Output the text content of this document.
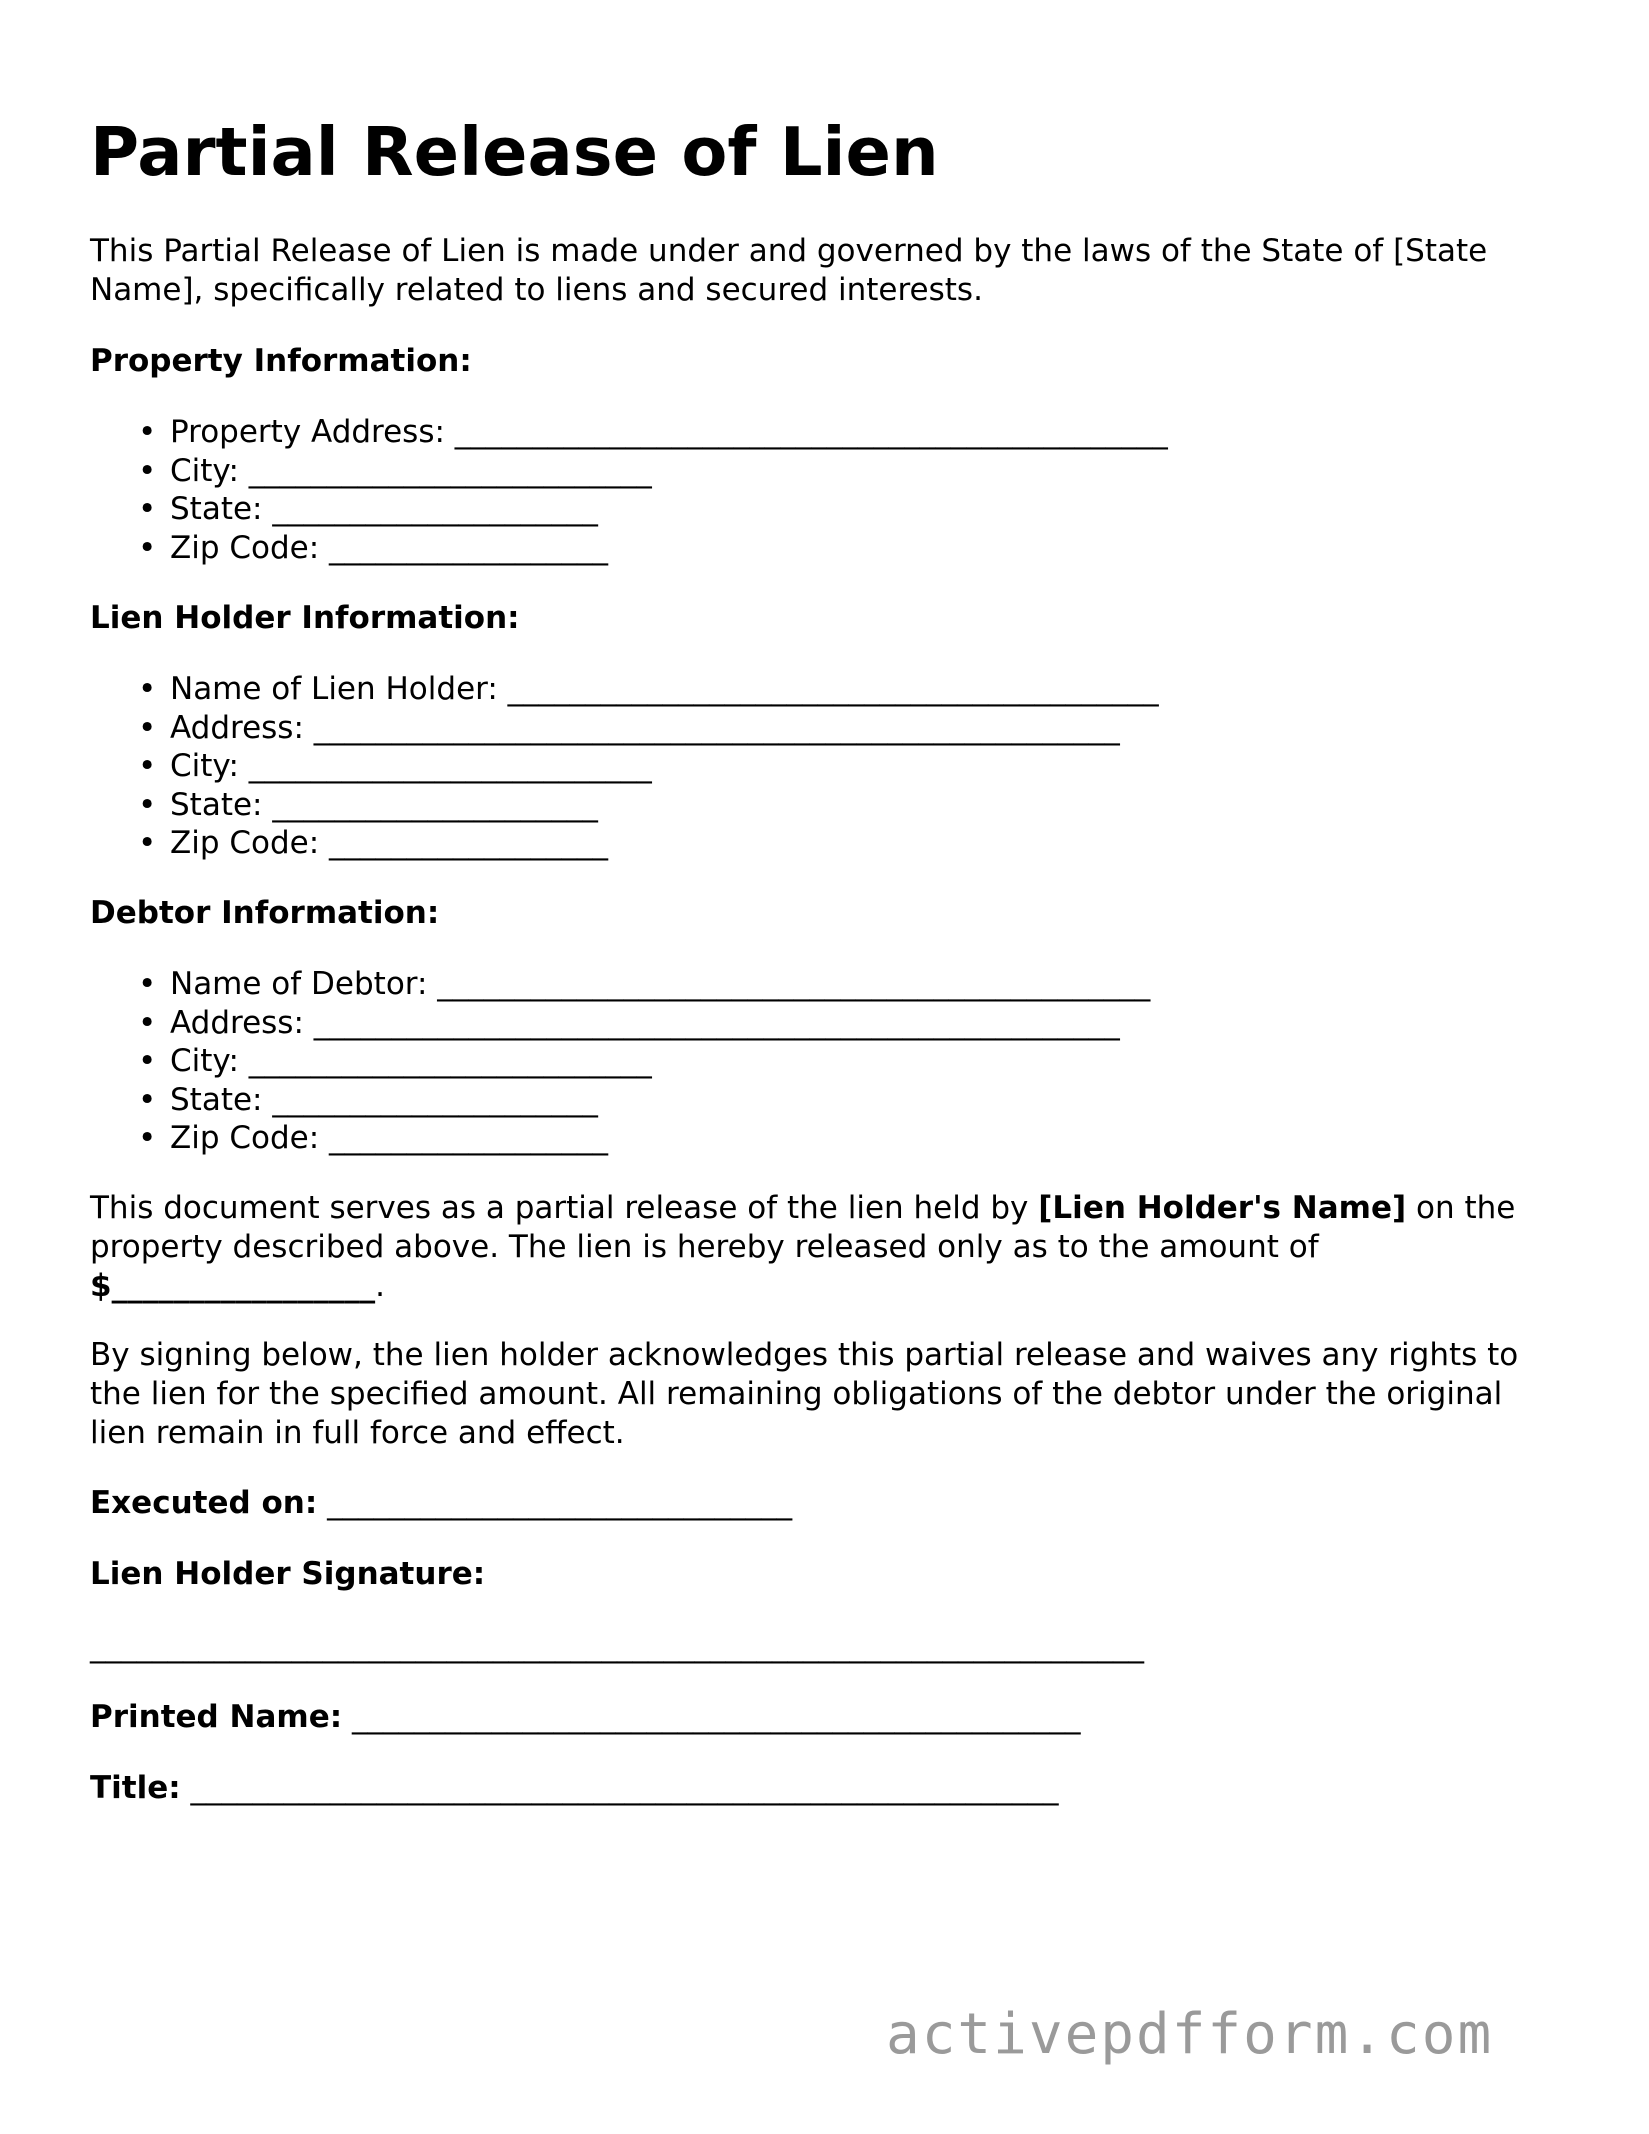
Partial Release of Lien

This Partial Release of Lien is made under and governed by the laws of the State of [State Name], specifically related to liens and secured interests.

Property Information:

• Property Address: ______________________________________________
• City: __________________________
• State: _____________________
• Zip Code: __________________

Lien Holder Information:

• Name of Lien Holder: __________________________________________
• Address: ____________________________________________________
• City: __________________________
• State: _____________________
• Zip Code: __________________

Debtor Information:

• Name of Debtor: ______________________________________________
• Address: ____________________________________________________
• City: __________________________
• State: _____________________
• Zip Code: __________________

This document serves as a partial release of the lien held by [Lien Holder's Name] on the property described above. The lien is hereby released only as to the amount of $_________________.

By signing below, the lien holder acknowledges this partial release and waives any rights to the lien for the specified amount. All remaining obligations of the debtor under the original lien remain in full force and effect.

Executed on: ______________________________

Lien Holder Signature:

____________________________________________________________________

Printed Name: _______________________________________________

Title: ________________________________________________________

activepdfform.com
